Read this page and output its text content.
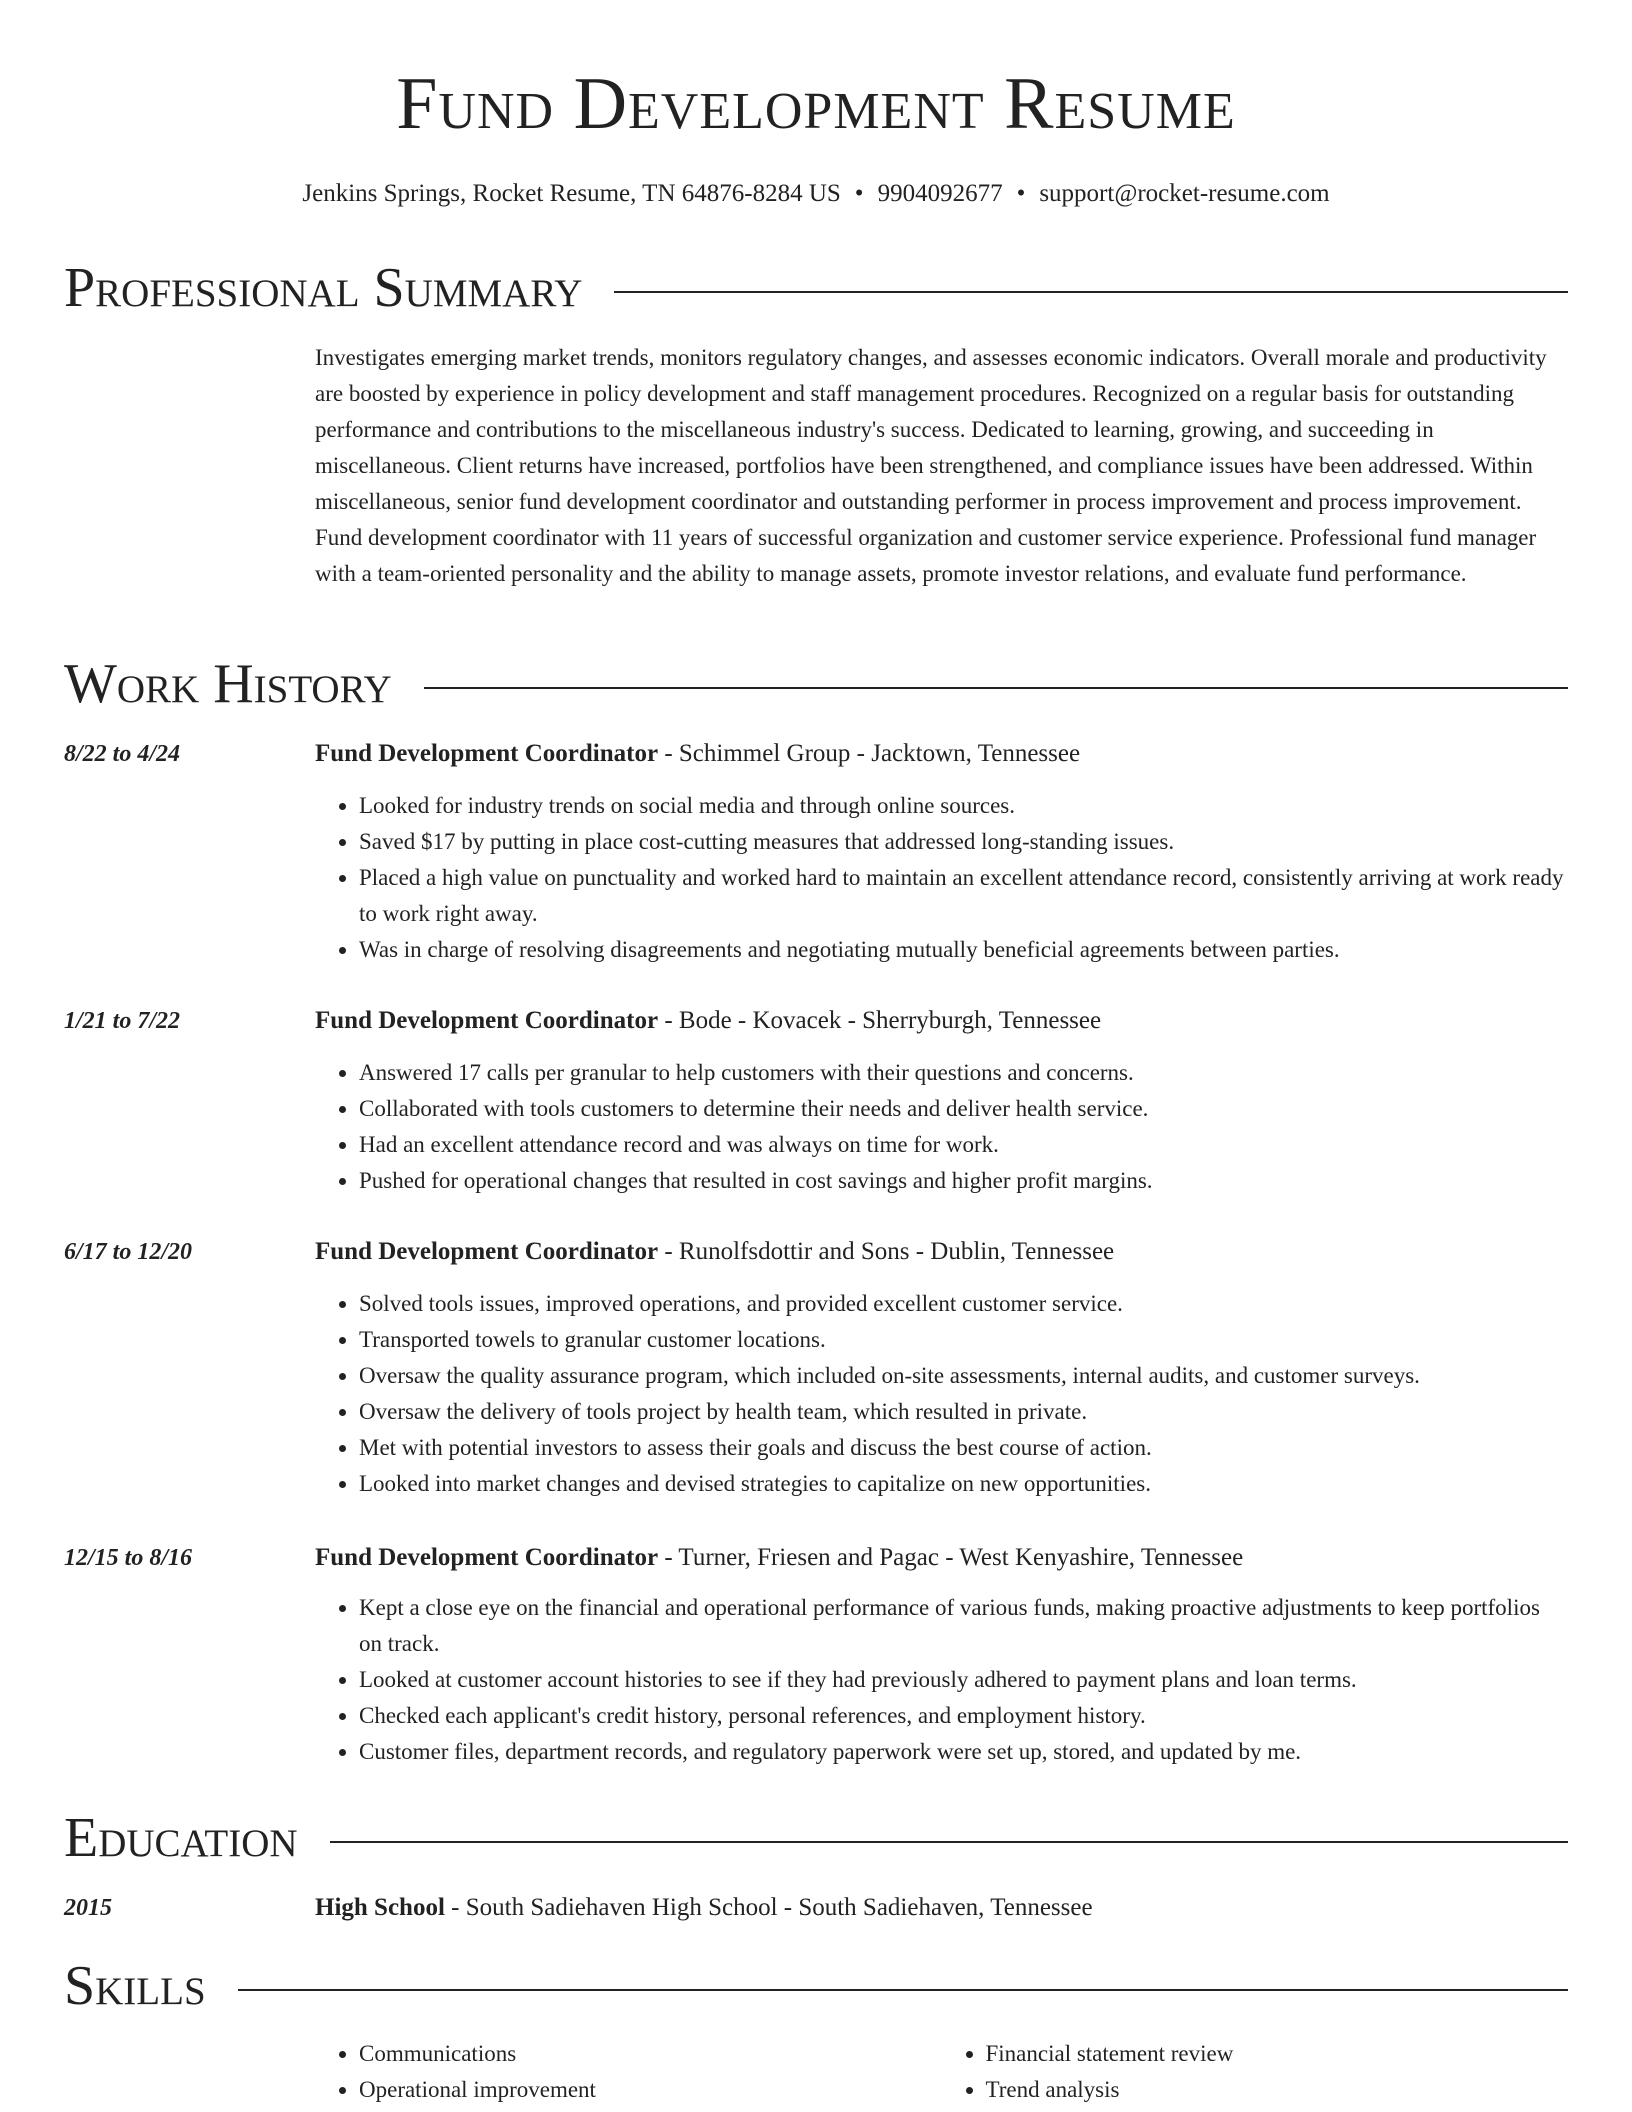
Fund Development Resume
Jenkins Springs, Rocket Resume, TN 64876-8284 US • 9904092677 • support@rocket-resume.com
Professional Summary

Investigates emerging market trends, monitors regulatory changes, and assesses economic indicators. Overall morale and productivity are boosted by experience in policy development and staff management procedures. Recognized on a regular basis for outstanding performance and contributions to the miscellaneous industry's success. Dedicated to learning, growing, and succeeding in miscellaneous. Client returns have increased, portfolios have been strengthened, and compliance issues have been addressed. Within miscellaneous, senior fund development coordinator and outstanding performer in process improvement and process improvement. Fund development coordinator with 11 years of successful organization and customer service experience. Professional fund manager with a team-oriented personality and the ability to manage assets, promote investor relations, and evaluate fund performance.

Work History
8/22 to 4/24	Fund Development Coordinator - Schimmel Group - Jacktown, Tennessee
• Looked for industry trends on social media and through online sources.
• Saved $17 by putting in place cost-cutting measures that addressed long-standing issues.
• Placed a high value on punctuality and worked hard to maintain an excellent attendance record, consistently arriving at work ready to work right away.
• Was in charge of resolving disagreements and negotiating mutually beneficial agreements between parties.
1/21 to 7/22	Fund Development Coordinator - Bode - Kovacek - Sherryburgh, Tennessee
• Answered 17 calls per granular to help customers with their questions and concerns.
• Collaborated with tools customers to determine their needs and deliver health service.
• Had an excellent attendance record and was always on time for work.
• Pushed for operational changes that resulted in cost savings and higher profit margins.
6/17 to 12/20	Fund Development Coordinator - Runolfsdottir and Sons - Dublin, Tennessee
• Solved tools issues, improved operations, and provided excellent customer service.
• Transported towels to granular customer locations.
• Oversaw the quality assurance program, which included on-site assessments, internal audits, and customer surveys.
• Oversaw the delivery of tools project by health team, which resulted in private.
• Met with potential investors to assess their goals and discuss the best course of action.
• Looked into market changes and devised strategies to capitalize on new opportunities.
12/15 to 8/16	Fund Development Coordinator - Turner, Friesen and Pagac - West Kenyashire, Tennessee
• Kept a close eye on the financial and operational performance of various funds, making proactive adjustments to keep portfolios on track.
• Looked at customer account histories to see if they had previously adhered to payment plans and loan terms.
• Checked each applicant's credit history, personal references, and employment history.
• Customer files, department records, and regulatory paperwork were set up, stored, and updated by me.
Education
2015	High School - South Sadiehaven High School - South Sadiehaven, Tennessee
Skills
• Communications
• Operational improvement
• Financial statement review
• Trend analysis
